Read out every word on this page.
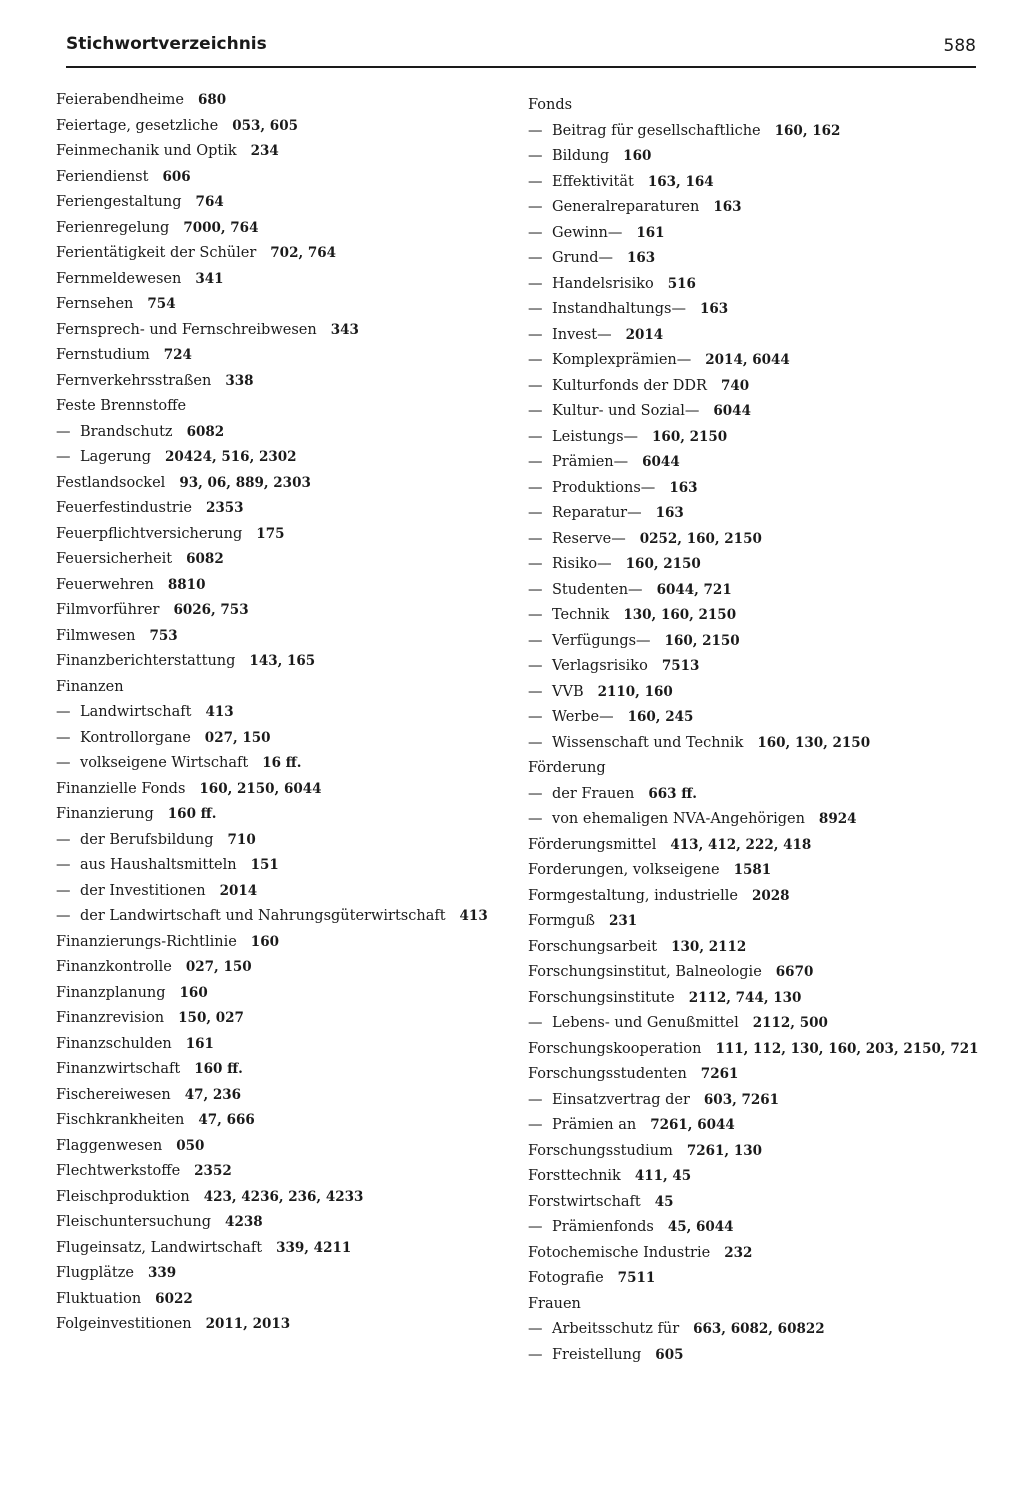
Stichwortverzeichnis	588
Feierabendheime 680
Feiertage, gesetzliche 053, 605
Feinmechanik und Optik 234
Feriendienst 606
Feriengestaltung 764
Ferienregelung 7000, 764
Ferientätigkeit der Schüler 702, 764
Fernmeldewesen 341
Fernsehen 754
Fernsprech- und Fernschreibwesen 343
Fernstudium 724
Fernverkehrsstraßen 338
Feste Brennstoffe
— Brandschutz 6082
— Lagerung 20424, 516, 2302
Festlandsockel 93, 06, 889, 2303
Feuerfestindustrie 2353
Feuerpflichtversicherung 175
Feuersicherheit 6082
Feuerwehren 8810
Filmvorführer 6026, 753
Filmwesen 753
Finanzberichterstattung 143, 165
Finanzen
— Landwirtschaft 413
— Kontrollorgane 027, 150
— volkseigene Wirtschaft 16 ff.
Finanzielle Fonds 160, 2150, 6044
Finanzierung 160 ff.
— der Berufsbildung 710
— aus Haushaltsmitteln 151
— der Investitionen 2014
— der Landwirtschaft und Nahrungsgüterwirtschaft 413
Finanzierungs-Richtlinie 160
Finanzkontrolle 027, 150
Finanzplanung 160
Finanzrevision 150, 027
Finanzschulden 161
Finanzwirtschaft 160 ff.
Fischereiwesen 47, 236
Fischkrankheiten 47, 666
Flaggenwesen 050
Flechtwerkstoffe 2352
Fleischproduktion 423, 4236, 236, 4233
Fleischuntersuchung 4238
Flugeinsatz, Landwirtschaft 339, 4211
Flugplätze 339
Fluktuation 6022
Folgeinvestitionen 2011, 2013
Fonds
— Beitrag für gesellschaftliche 160, 162
— Bildung 160
— Effektivität 163, 164
— Generalreparaturen 163
— Gewinn— 161
— Grund— 163
— Handelsrisiko 516
— Instandhaltungs— 163
— Invest— 2014
— Komplexprämien— 2014, 6044
— Kulturfonds der DDR 740
— Kultur- und Sozial— 6044
— Leistungs— 160, 2150
— Prämien— 6044
— Produktions— 163
— Reparatur— 163
— Reserve— 0252, 160, 2150
— Risiko— 160, 2150
— Studenten— 6044, 721
— Technik 130, 160, 2150
— Verfügungs— 160, 2150
— Verlagsrisiko 7513
— VVB 2110, 160
— Werbe— 160, 245
— Wissenschaft und Technik 160, 130, 2150
Förderung
— der Frauen 663 ff.
— von ehemaligen NVA-Angehörigen 8924
Förderungsmittel 413, 412, 222, 418
Forderungen, volkseigene 1581
Formgestaltung, industrielle 2028
Formguß 231
Forschungsarbeit 130, 2112
Forschungsinstitut, Balneologie 6670
Forschungsinstitute 2112, 744, 130
— Lebens- und Genußmittel 2112, 500
Forschungskooperation 111, 112, 130, 160, 203, 2150, 721
Forschungsstudenten 7261
— Einsatzvertrag der 603, 7261
— Prämien an 7261, 6044
Forschungsstudium 7261, 130
Forsttechnik 411, 45
Forstwirtschaft 45
— Prämienfonds 45, 6044
Fotochemische Industrie 232
Fotografie 7511
Frauen
— Arbeitsschutz für 663, 6082, 60822
— Freistellung 605
